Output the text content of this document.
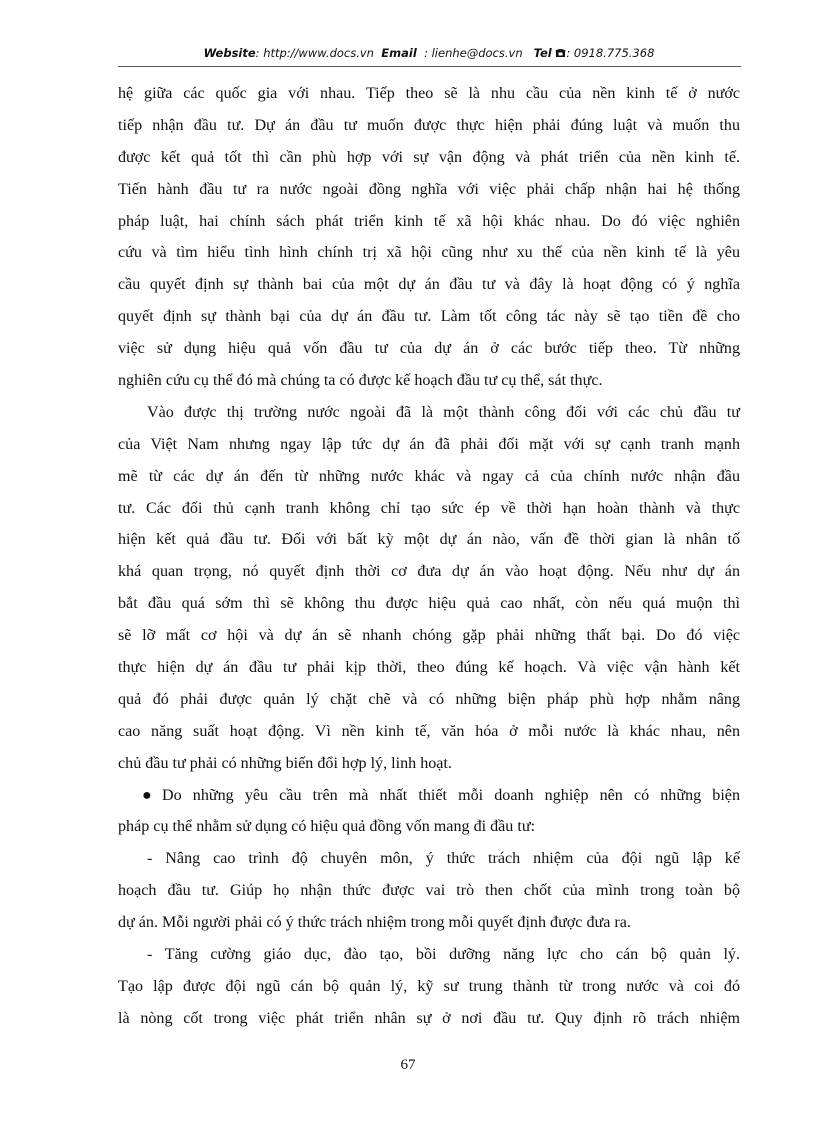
Website: http://www.docs.vn Email : lienhe@docs.vn Tel : 0918.775.368

hệ giữa các quốc gia với nhau. Tiếp theo sẽ là nhu cầu của nền kinh tế ở nước
tiếp nhận đầu tư. Dự án đầu tư muốn được thực hiện phải đúng luật và muốn thu
được kết quả tốt thì cần phù hợp với sự vận động và phát triển của nền kinh tế.
Tiến hành đầu tư ra nước ngoài đồng nghĩa với việc phải chấp nhận hai hệ thống
pháp luật, hai chính sách phát triển kinh tế xã hội khác nhau. Do đó việc nghiên
cứu và tìm hiểu tình hình chính trị xã hội cũng như xu thế của nền kinh tế là yêu
cầu quyết định sự thành bai của một dự án đầu tư và đây là hoạt động có ý nghĩa
quyết định sự thành bại của dự án đầu tư. Làm tốt công tác này sẽ tạo tiền đề cho
việc sử dụng hiệu quả vốn đầu tư của dự án ở các bước tiếp theo. Từ những
nghiên cứu cụ thể đó mà chúng ta có được kế hoạch đầu tư cụ thể, sát thực.

Vào được thị trường nước ngoài đã là một thành công đối với các chủ đầu tư
của Việt Nam nhưng ngay lập tức dự án đã phải đối mặt với sự cạnh tranh mạnh
mẽ từ các dự án đến từ những nước khác và ngay cả của chính nước nhận đầu
tư. Các đối thủ cạnh tranh không chỉ tạo sức ép về thời hạn hoàn thành và thực
hiện kết quả đầu tư. Đối với bất kỳ một dự án nào, vấn đề thời gian là nhân tố
khá quan trọng, nó quyết định thời cơ đưa dự án vào hoạt động. Nếu như dự án
bắt đầu quá sớm thì sẽ không thu được hiệu quả cao nhất, còn nếu quá muộn thì
sẽ lỡ mất cơ hội và dự án sẽ nhanh chóng gặp phải những thất bại. Do đó việc
thực hiện dự án đầu tư phải kịp thời, theo đúng kế hoạch. Và việc vận hành kết
quả đó phải được quản lý chặt chẽ và có những biện pháp phù hợp nhằm nâng
cao năng suất hoạt động. Vì nền kinh tế, văn hóa ở mỗi nước là khác nhau, nên
chủ đầu tư phải có những biến đổi hợp lý, linh hoạt.

● Do những yêu cầu trên mà nhất thiết mỗi doanh nghiệp nên có những biện
pháp cụ thể nhằm sử dụng có hiệu quả đồng vốn mang đi đầu tư:

- Nâng cao trình độ chuyên môn, ý thức trách nhiệm của đội ngũ lập kế
hoạch đầu tư. Giúp họ nhận thức được vai trò then chốt của mình trong toàn bộ
dự án. Mỗi người phải có ý thức trách nhiệm trong mỗi quyết định được đưa ra.

- Tăng cường giáo dục, đào tạo, bồi dưỡng năng lực cho cán bộ quản lý.
Tạo lập được đội ngũ cán bộ quản lý, kỹ sư trung thành từ trong nước và coi đó
là nòng cốt trong việc phát triển nhân sự ở nơi đầu tư. Quy định rõ trách nhiệm

67
